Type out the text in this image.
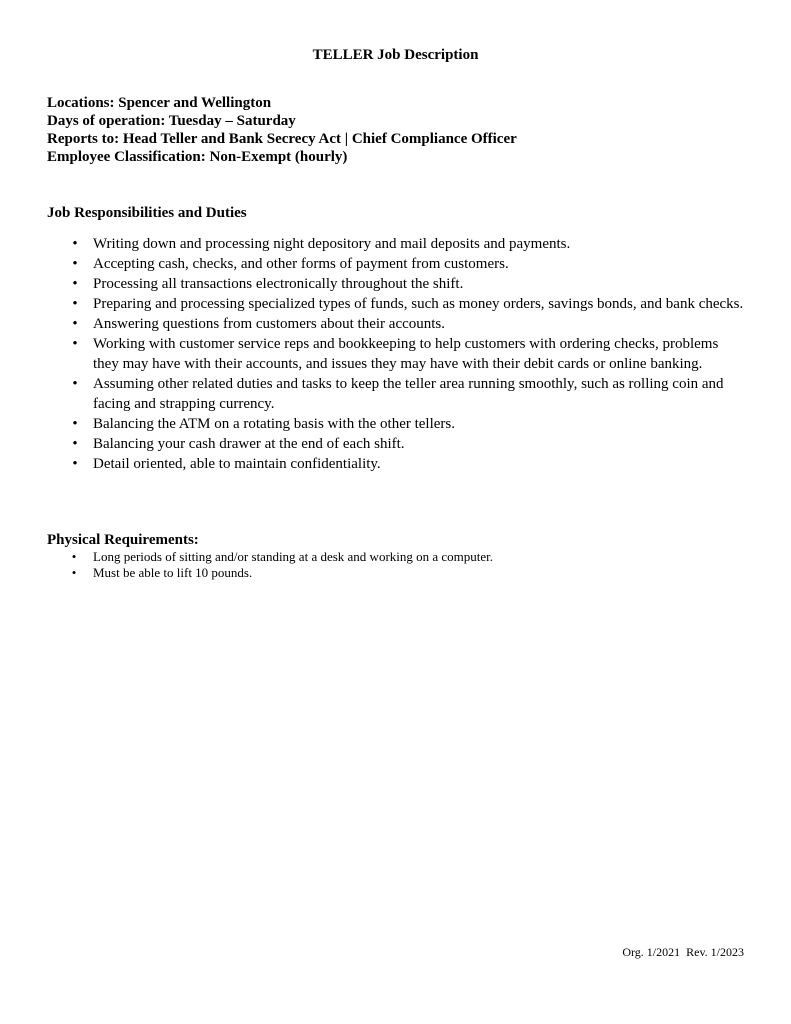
TELLER Job Description
Locations: Spencer and Wellington
Days of operation: Tuesday – Saturday
Reports to: Head Teller and Bank Secrecy Act | Chief Compliance Officer
Employee Classification: Non-Exempt (hourly)
Job Responsibilities and Duties
• Writing down and processing night depository and mail deposits and payments.
• Accepting cash, checks, and other forms of payment from customers.
• Processing all transactions electronically throughout the shift.
• Preparing and processing specialized types of funds, such as money orders, savings bonds, and bank checks.
• Answering questions from customers about their accounts.
• Working with customer service reps and bookkeeping to help customers with ordering checks, problems they may have with their accounts, and issues they may have with their debit cards or online banking.
• Assuming other related duties and tasks to keep the teller area running smoothly, such as rolling coin and facing and strapping currency.
• Balancing the ATM on a rotating basis with the other tellers.
• Balancing your cash drawer at the end of each shift.
• Detail oriented, able to maintain confidentiality.
Physical Requirements:
• Long periods of sitting and/or standing at a desk and working on a computer.
• Must be able to lift 10 pounds.
Org. 1/2021  Rev. 1/2023
